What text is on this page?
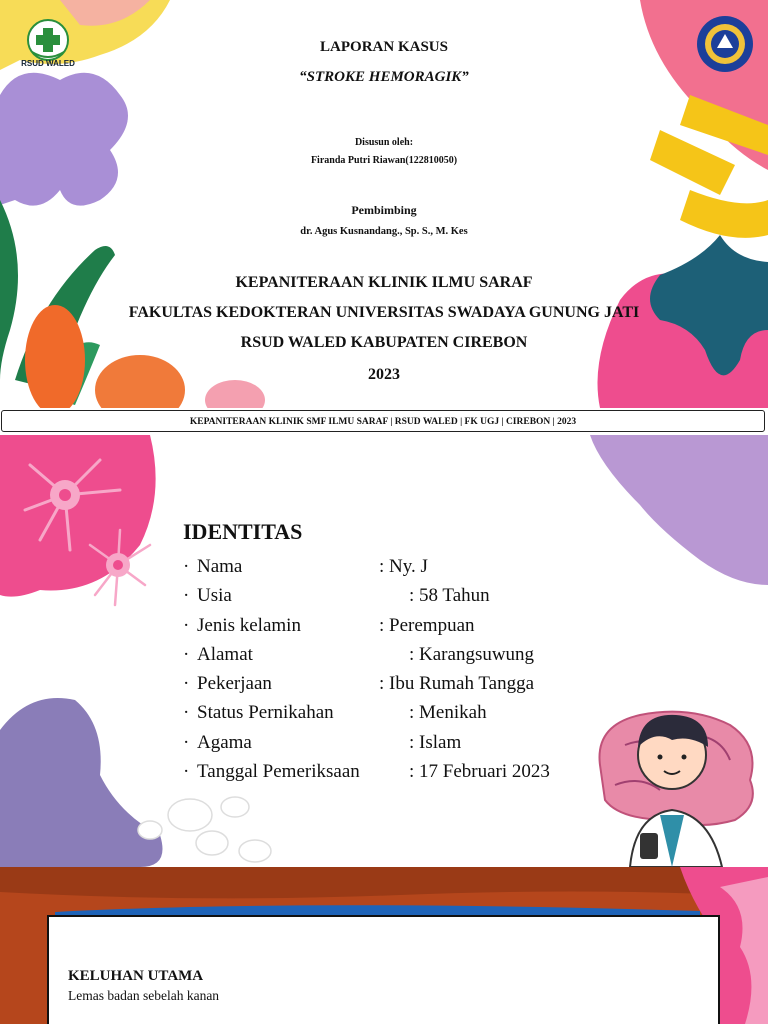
RSUD WALED
LAPORAN KASUS
“STROKE HEMORAGIK”
Disusun oleh:
Firanda Putri Riawan(122810050)
Pembimbing
dr. Agus Kusnandang., Sp. S., M. Kes
KEPANITERAAN KLINIK ILMU SARAF
FAKULTAS KEDOKTERAN UNIVERSITAS SWADAYA GUNUNG JATI
RSUD WALED KABUPATEN CIREBON
2023
KEPANITERAAN KLINIK SMF ILMU SARAF | RSUD WALED | FK UGJ | CIREBON | 2023
IDENTITAS
· Nama	: Ny. J
· Usia	: 58 Tahun
· Jenis kelamin	: Perempuan
· Alamat	: Karangsuwung
· Pekerjaan	: Ibu Rumah Tangga
· Status Pernikahan	: Menikah
· Agama	: Islam
· Tanggal Pemeriksaan	: 17 Februari 2023
KELUHAN UTAMA
Lemas badan sebelah kanan
